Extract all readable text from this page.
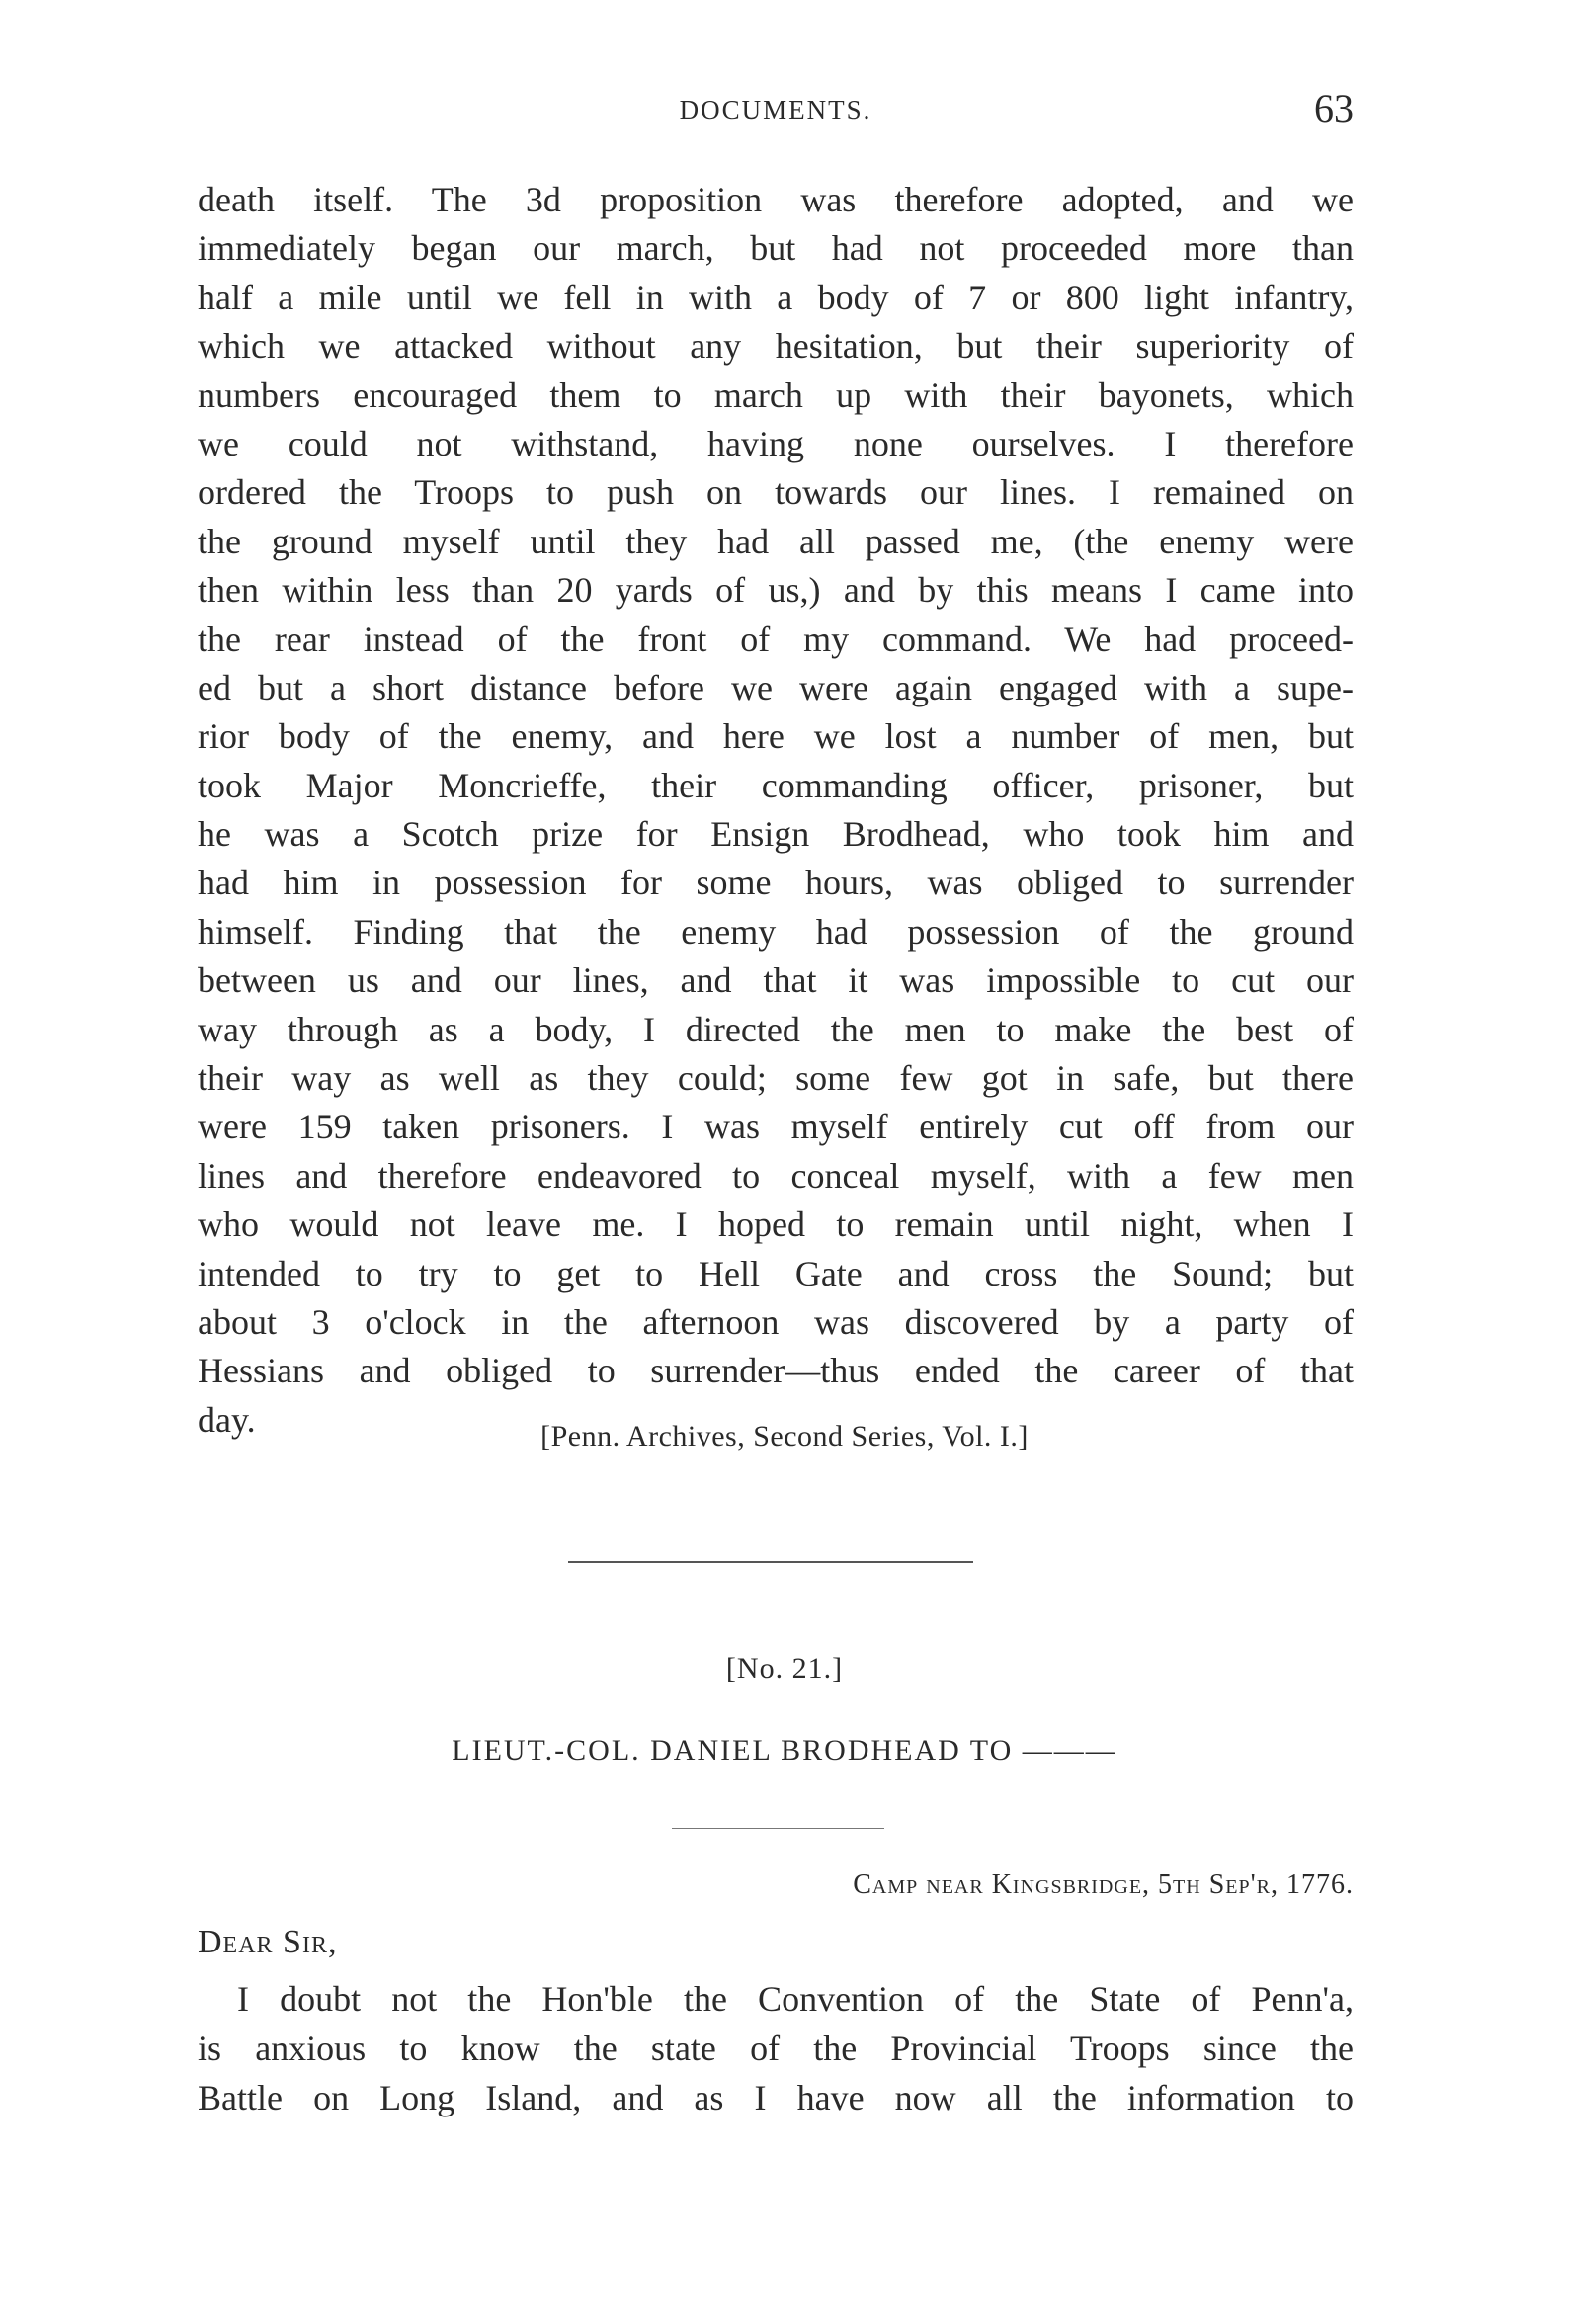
DOCUMENTS.	63
death itself. The 3d proposition was therefore adopted, and we
immediately began our march, but had not proceeded more than
half a mile until we fell in with a body of 7 or 800 light infantry,
which we attacked without any hesitation, but their superiority of
numbers encouraged them to march up with their bayonets, which
we could not withstand, having none ourselves. I therefore
ordered the Troops to push on towards our lines. I remained on
the ground myself until they had all passed me, (the enemy were
then within less than 20 yards of us,) and by this means I came into
the rear instead of the front of my command. We had proceed-
ed but a short distance before we were again engaged with a supe-
rior body of the enemy, and here we lost a number of men, but
took Major Moncrieffe, their commanding officer, prisoner, but
he was a Scotch prize for Ensign Brodhead, who took him and
had him in possession for some hours, was obliged to surrender
himself. Finding that the enemy had possession of the ground
between us and our lines, and that it was impossible to cut our
way through as a body, I directed the men to make the best of
their way as well as they could; some few got in safe, but there
were 159 taken prisoners. I was myself entirely cut off from our
lines and therefore endeavored to conceal myself, with a few men
who would not leave me. I hoped to remain until night, when I
intended to try to get to Hell Gate and cross the Sound; but
about 3 o'clock in the afternoon was discovered by a party of
Hessians and obliged to surrender—thus ended the career of that
day.	[Penn. Archives, Second Series, Vol. I.]
[No. 21.]
LIEUT.-COL. DANIEL BRODHEAD TO ———
Camp near Kingsbridge, 5th Sep'r, 1776.
Dear Sir,
I doubt not the Hon'ble the Convention of the State of Penn'a,
is anxious to know the state of the Provincial Troops since the
Battle on Long Island, and as I have now all the information to
